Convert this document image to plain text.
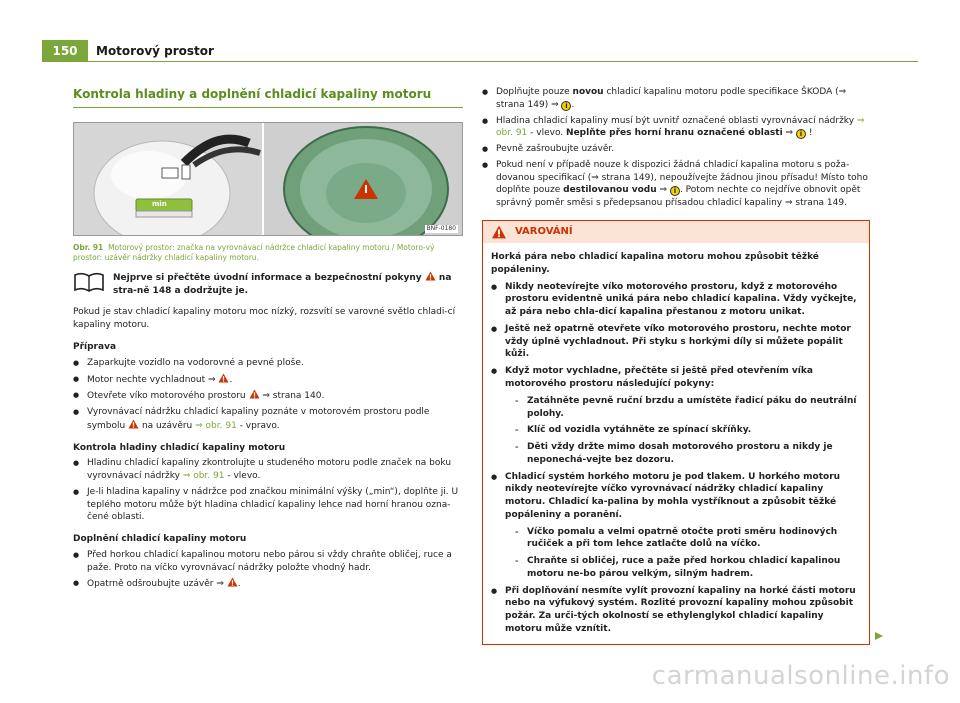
150	Motorový prostor
Kontrola hladiny a doplnění chladicí kapaliny motoru
BNF-0180
min
Obr. 91 Motorový prostor: značka na vyrovnávací nádržce chladicí kapaliny motoru / Motoro-vý prostor: uzávěr nádržky chladicí kapaliny motoru.
Nejprve si přečtěte úvodní informace a bezpečnostní pokyny na stra-ně 148 a dodržujte je.

Pokud je stav chladicí kapaliny motoru moc nízký, rozsvítí se varovné světlo chladi-cí kapaliny motoru.

Příprava
● Zaparkujte vozidlo na vodorovné a pevné ploše.
● Motor nechte vychladnout ⇒ .
● Otevřete víko motorového prostoru ⇒ strana 140.
● Vyrovnávací nádržku chladicí kapaliny poznáte v motorovém prostoru podle symbolu na uzávěru ⇒ obr. 91 - vpravo.
Kontrola hladiny chladicí kapaliny motoru
● Hladinu chladicí kapaliny zkontrolujte u studeného motoru podle značek na boku vyrovnávací nádržky ⇒ obr. 91 - vlevo.
● Je-li hladina kapaliny v nádržce pod značkou minimální výšky („min“), doplňte ji. U teplého motoru může být hladina chladicí kapaliny lehce nad horní hranou ozna-čené oblasti.
Doplnění chladicí kapaliny motoru
● Před horkou chladicí kapalinou motoru nebo párou si vždy chraňte obličej, ruce a paže. Proto na víčko vyrovnávací nádržky položte vhodný hadr.
● Opatrně odšroubujte uzávěr ⇒ .
● Doplňujte pouze novou chladicí kapalinu motoru podle specifikace ŠKODA (⇒ strana 149) ⇒ i .
● Hladina chladicí kapaliny musí být uvnitř označené oblasti vyrovnávací nádržky ⇒ obr. 91 - vlevo. Neplňte přes horní hranu označené oblasti ⇒ i !
● Pevně zašroubujte uzávěr.
● Pokud není v případě nouze k dispozici žádná chladicí kapalina motoru s poža-dovanou specifikací (⇒ strana 149), nepoužívejte žádnou jinou přísadu! Místo toho doplňte pouze destilovanou vodu ⇒ i . Potom nechte co nejdříve obnovit opět správný poměr směsi s předepsanou přísadou chladicí kapaliny ⇒ strana 149.
VAROVÁNÍ

Horká pára nebo chladicí kapalina motoru mohou způsobit těžké popáleniny.

● Nikdy neotevírejte víko motorového prostoru, když z motorového prostoru evidentně uniká pára nebo chladicí kapalina. Vždy vyčkejte, až pára nebo chla-dicí kapalina přestanou z motoru unikat.
● Ještě než opatrně otevřete víko motorového prostoru, nechte motor vždy úplně vychladnout. Při styku s horkými díly si můžete popálit kůži.
● Když motor vychladne, přečtěte si ještě před otevřením víka motorového prostoru následující pokyny:
– Zatáhněte pevně ruční brzdu a umístěte řadicí páku do neutrální polohy.
– Klíč od vozidla vytáhněte ze spínací skříňky.
– Děti vždy držte mimo dosah motorového prostoru a nikdy je neponechá-vejte bez dozoru.
● Chladicí systém horkého motoru je pod tlakem. U horkého motoru nikdy neotevírejte víčko vyrovnávací nádržky chladicí kapaliny motoru. Chladicí ka-palina by mohla vystříknout a způsobit těžké popáleniny a poranění.
– Víčko pomalu a velmi opatrně otočte proti směru hodinových ručiček a při tom lehce zatlačte dolů na víčko.
– Chraňte si obličej, ruce a paže před horkou chladicí kapalinou motoru ne-bo párou velkým, silným hadrem.
● Při doplňování nesmíte vylít provozní kapaliny na horké části motoru nebo na výfukový systém. Rozlité provozní kapaliny mohou způsobit požár. Za urči-tých okolností se ethylenglykol chladicí kapaliny motoru může vznítit.
carmanualsonline.info
